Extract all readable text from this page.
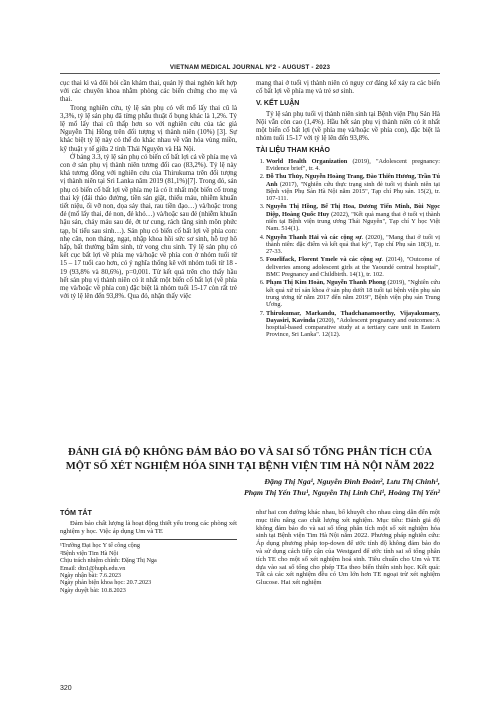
VIETNAM MEDICAL JOURNAL Nº2 - AUGUST - 2023

cục thai kì và đôi hỏi cần khám thai, quản lý thai nghén kết hợp với các chuyên khoa nhằm phòng các biến chứng cho mẹ và thai.

Trong nghiên cứu, tỷ lệ sản phụ có vết mổ lấy thai cũ là 3,3%, tỷ lệ sản phụ đã từng phẫu thuật ổ bụng khác là 1,2%. Tỷ lệ mổ lấy thai cũ thấp hơn so với nghiên cứu của tác giả Nguyễn Thị Hồng trên đối tượng vị thành niên (10%) [3]. Sự khác biệt tỷ lệ này có thể do khác nhau về văn hóa vùng miền, kỹ thuật y tế giữa 2 tỉnh Thái Nguyên và Hà Nội.

Ở bảng 3.3, tỷ lệ sản phụ có biến cố bất lợi cả về phía mẹ và con ở sản phụ vị thành niên tương đối cao (83,2%). Tỷ lệ này khá tương đồng với nghiên cứu của Thirukuma trên đối tượng vị thành niên tại Sri Lanka năm 2019 (81,1%)[7]. Trong đó, sản phụ có biến cố bất lợi về phía mẹ là có ít nhất một biến cố trong thai kỳ (đái tháo đường, tiền sản giật, thiếu máu, nhiễm khuẩn tiết niệu, ối vỡ non, dọa sảy thai, rau tiền đạo…) và/hoặc trong đẻ (mổ lấy thai, đẻ non, đẻ khó…) và/hoặc sau đẻ (nhiễm khuẩn hậu sản, chảy máu sau đẻ, ớt tư cung, rách tầng sinh môn phức tạp, bí tiểu sau sinh…). Sản phụ có biến cố bất lợi về phía con: nhẹ cân, non tháng, ngạt, nhập khoa hồi sức sơ sinh, hỗ trợ hô hấp, bất thường bẩm sinh, tử vong chu sinh. Tỷ lệ sản phụ có kết cục bất lợi về phía mẹ và/hoặc về phía con ở nhóm tuổi từ 15 – 17 tuổi cao hơn, có ý nghĩa thống kê với nhóm tuổi từ 18 - 19 (93,8% và 80,6%), p=0,001. Từ kết quả trên cho thấy hầu hết sản phụ vị thành niên có ít nhất một biến cố bất lợi (về phía mẹ và/hoặc về phía con) đặc biệt là nhóm tuổi 15-17 còn rất trẻ với tỷ lệ lên đến 93,8%. Qua đó, nhận thấy việc

mang thai ở tuổi vị thành niên có nguy cơ đáng kể xảy ra các biến cố bất lợi về phía mẹ và trẻ sơ sinh.

V. KẾT LUẬN

Tỷ lệ sản phụ tuổi vị thành niên sinh tại Bệnh viện Phụ Sản Hà Nội vẫn còn cao (1,4%). Hầu hết sản phụ vị thành niên có ít nhất một biến cố bất lợi (về phía mẹ và/hoặc về phía con), đặc biệt là nhóm tuổi 15-17 với tỷ lệ lên đến 93,8%.

TÀI LIỆU THAM KHẢO
1. World Health Organization (2019), "Adolescent pregnancy: Evidence brief", tr. 4.
2. Đỗ Thu Thủy, Nguyễn Hoàng Trang, Đào Thiên Hương, Trần Tú Anh (2017), "Nghiên cứu thực trạng sinh đẻ tuổi vị thành niên tại Bệnh viện Phụ Sản Hà Nội năm 2015", Tạp chí Phụ sản. 15(2), tr. 107-111.
3. Nguyễn Thị Hồng, Bế Thị Hoa, Dương Tiến Minh, Bùi Ngọc Diệp, Hoàng Quốc Huy (2022), "Kết quả mang thai ở tuổi vị thành niên tại Bệnh viện trung ương Thái Nguyên", Tạp chí Y học Việt Nam. 514(1).
4. Nguyễn Thanh Hải và các cộng sự. (2020), "Mang thai ở tuổi vị thành niên: đặc điểm và kết quả thai kỳ", Tạp chí Phụ sản 18(3), tr. 27-33.
5. Fouelifack, Florent Ymele và các cộng sự. (2014), "Outcome of deliveries among adolescent girls at the Yaoundé central hospital", BMC Pregnancy and Childbirth. 14(1), tr. 102.
6. Phạm Thị Kim Hoàn, Nguyễn Thanh Phong (2019), "Nghiên cứu kết quả xử trí sản khoa ở sản phụ dưới 18 tuổi tại bệnh viện phụ sản trung ương từ năm 2017 đến năm 2019", Bệnh viện phụ sản Trung Ương.
7. Thirukumar, Markandu, Thadchanamoorthy, Vijayakumary, Dayasiri, Kavinda (2020), "Adolescent pregnancy and outcomes: A hospital-based comparative study at a tertiary care unit in Eastern Province, Sri Lanka". 12(12).
ĐÁNH GIÁ ĐỘ KHÔNG ĐẢM BẢO ĐO VÀ SAI SỐ TỔNG PHÂN TÍCH CỦA MỘT SỐ XÉT NGHIỆM HÓA SINH TẠI BỆNH VIỆN TIM HÀ NỘI NĂM 2022
Đặng Thị Nga¹, Nguyễn Đình Đoàn², Lưu Thị Chinh¹,
Phạm Thị Yến Thu¹, Nguyễn Thị Linh Chi¹, Hoàng Thị Yến²
TÓM TẮT

Đảm bảo chất lượng là hoạt động thiết yếu trong các phòng xét nghiệm y học. Việc áp dụng Um và TE

¹Trường Đại học Y tế công cộng
²Bệnh viện Tim Hà Nội
Chịu trách nhiệm chính: Đặng Thị Nga
Email: dtn1@huph.edu.vn
Ngày nhận bài: 7.6.2023
Ngày phản biện khoa học: 20.7.2023
Ngày duyệt bài: 10.8.2023

như hai con đường khác nhau, bổ khuyết cho nhau cùng dẫn đến một mục tiêu nâng cao chất lượng xét nghiệm. Mục tiêu: Đánh giá độ không đảm bảo đo và sai số tổng phân tích một số xét nghiệm hóa sinh tại Bệnh viện Tim Hà Nội năm 2022. Phương pháp nghiên cứu: Áp dụng phương pháp top-down để ước tính độ không đảm bảo đo và sử dụng cách tiếp cận của Westgard để ước tính sai số tổng phân tích TE cho một số xét nghiệm hoá sinh. Tiêu chuẩn cho Um và TE dựa vào sai số tổng cho phép TEa theo biến thiên sinh học. Kết quả: Tất cả các xét nghiệm đều có Um lớn hơn TE ngoại trừ xét nghiệm Glucose. Hai xét nghiệm

320
